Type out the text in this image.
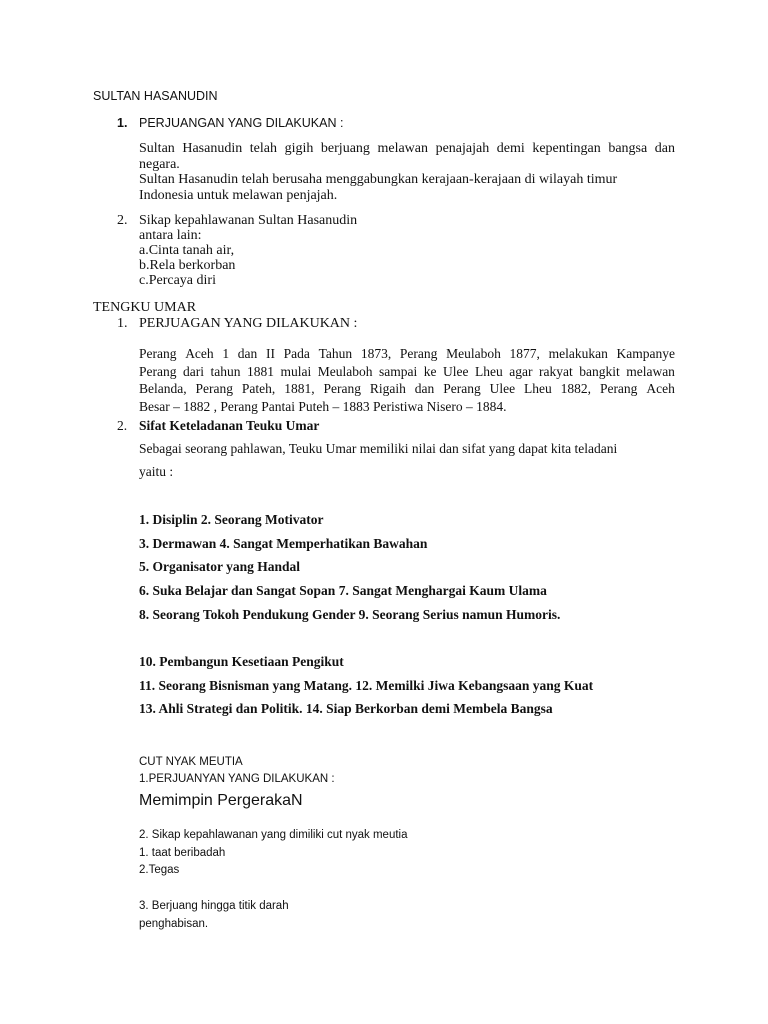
SULTAN HASANUDIN
1. PERJUANGAN YANG DILAKUKAN :
Sultan Hasanudin telah gigih berjuang melawan penajajah demi kepentingan bangsa dan
negara.
Sultan Hasanudin telah berusaha menggabungkan kerajaan-kerajaan di wilayah timur
Indonesia untuk melawan penjajah.
2. Sikap kepahlawanan Sultan Hasanudin
antara lain:
a.Cinta tanah air,
b.Rela berkorban
c.Percaya diri
TENGKU UMAR
1. PERJUAGAN YANG DILAKUKAN :
Perang Aceh 1 dan II Pada Tahun 1873, Perang Meulaboh 1877, melakukan Kampanye
Perang dari tahun 1881 mulai Meulaboh sampai ke Ulee Lheu agar rakyat bangkit melawan
Belanda, Perang Pateh, 1881, Perang Rigaih dan Perang Ulee Lheu 1882, Perang Aceh
Besar – 1882 , Perang Pantai Puteh – 1883 Peristiwa Nisero – 1884.
2. Sifat Keteladanan Teuku Umar
Sebagai seorang pahlawan, Teuku Umar memiliki nilai dan sifat yang dapat kita teladani
yaitu :
1. Disiplin 2. Seorang Motivator
3. Dermawan 4. Sangat Memperhatikan Bawahan
5. Organisator yang Handal
6. Suka Belajar dan Sangat Sopan 7. Sangat Menghargai Kaum Ulama
8. Seorang Tokoh Pendukung Gender 9. Seorang Serius namun Humoris.
10. Pembangun Kesetiaan Pengikut
11. Seorang Bisnisman yang Matang. 12. Memilki Jiwa Kebangsaan yang Kuat
13. Ahli Strategi dan Politik. 14. Siap Berkorban demi Membela Bangsa
CUT NYAK MEUTIA
1.PERJUANYAN YANG DILAKUKAN :
Memimpin PergerakaN
2. Sikap kepahlawanan yang dimiliki cut nyak meutia
1. taat beribadah
2.Tegas
3. Berjuang hingga titik darah
penghabisan.
